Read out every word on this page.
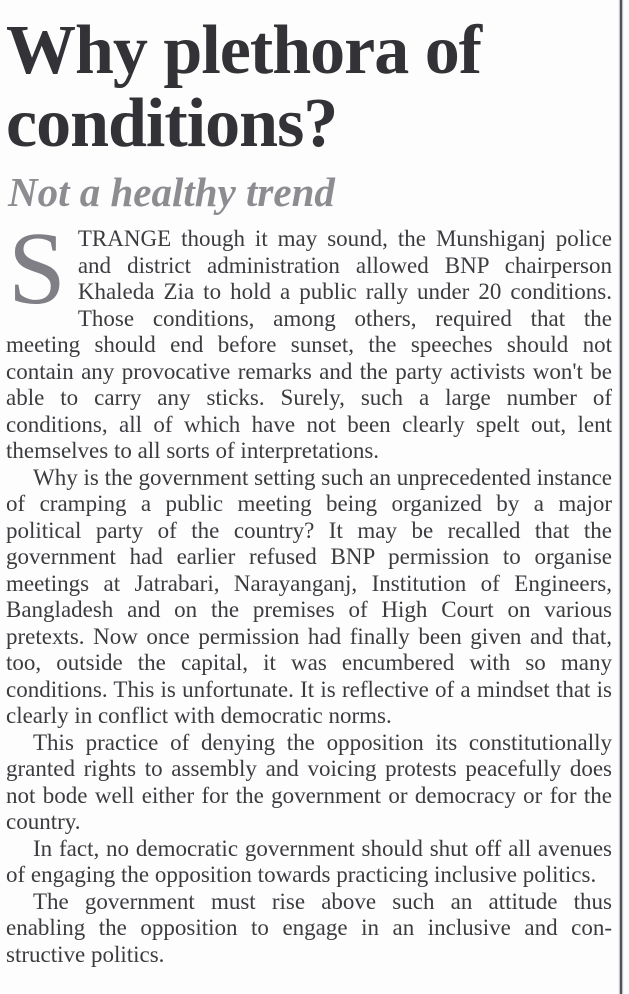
Why plethora of conditions?
Not a healthy trend

STRANGE though it may sound, the Munshiganj police and district administration allowed BNP chairperson Khaleda Zia to hold a public rally under 20 conditions. Those conditions, among others, required that the meeting should end before sunset, the speeches should not contain any provocative remarks and the party activists won't be able to carry any sticks. Surely, such a large number of conditions, all of which have not been clearly spelt out, lent themselves to all sorts of interpretations.

Why is the government setting such an unprecedented instance of cramping a public meeting being organized by a major political party of the country? It may be recalled that the government had earlier refused BNP permission to organise meetings at Jatrabari, Narayanganj, Institution of Engineers, Bangladesh and on the premises of High Court on various pretexts. Now once permission had finally been given and that, too, outside the capital, it was encumbered with so many conditions. This is unfortunate. It is reflective of a mindset that is clearly in conflict with democratic norms.

This practice of denying the opposition its constitutionally granted rights to assembly and voicing protests peacefully does not bode well either for the government or democracy or for the country.

In fact, no democratic government should shut off all avenues of engaging the opposition towards practicing inclusive politics.

The government must rise above such an attitude thus enabling the opposition to engage in an inclusive and constructive politics.
